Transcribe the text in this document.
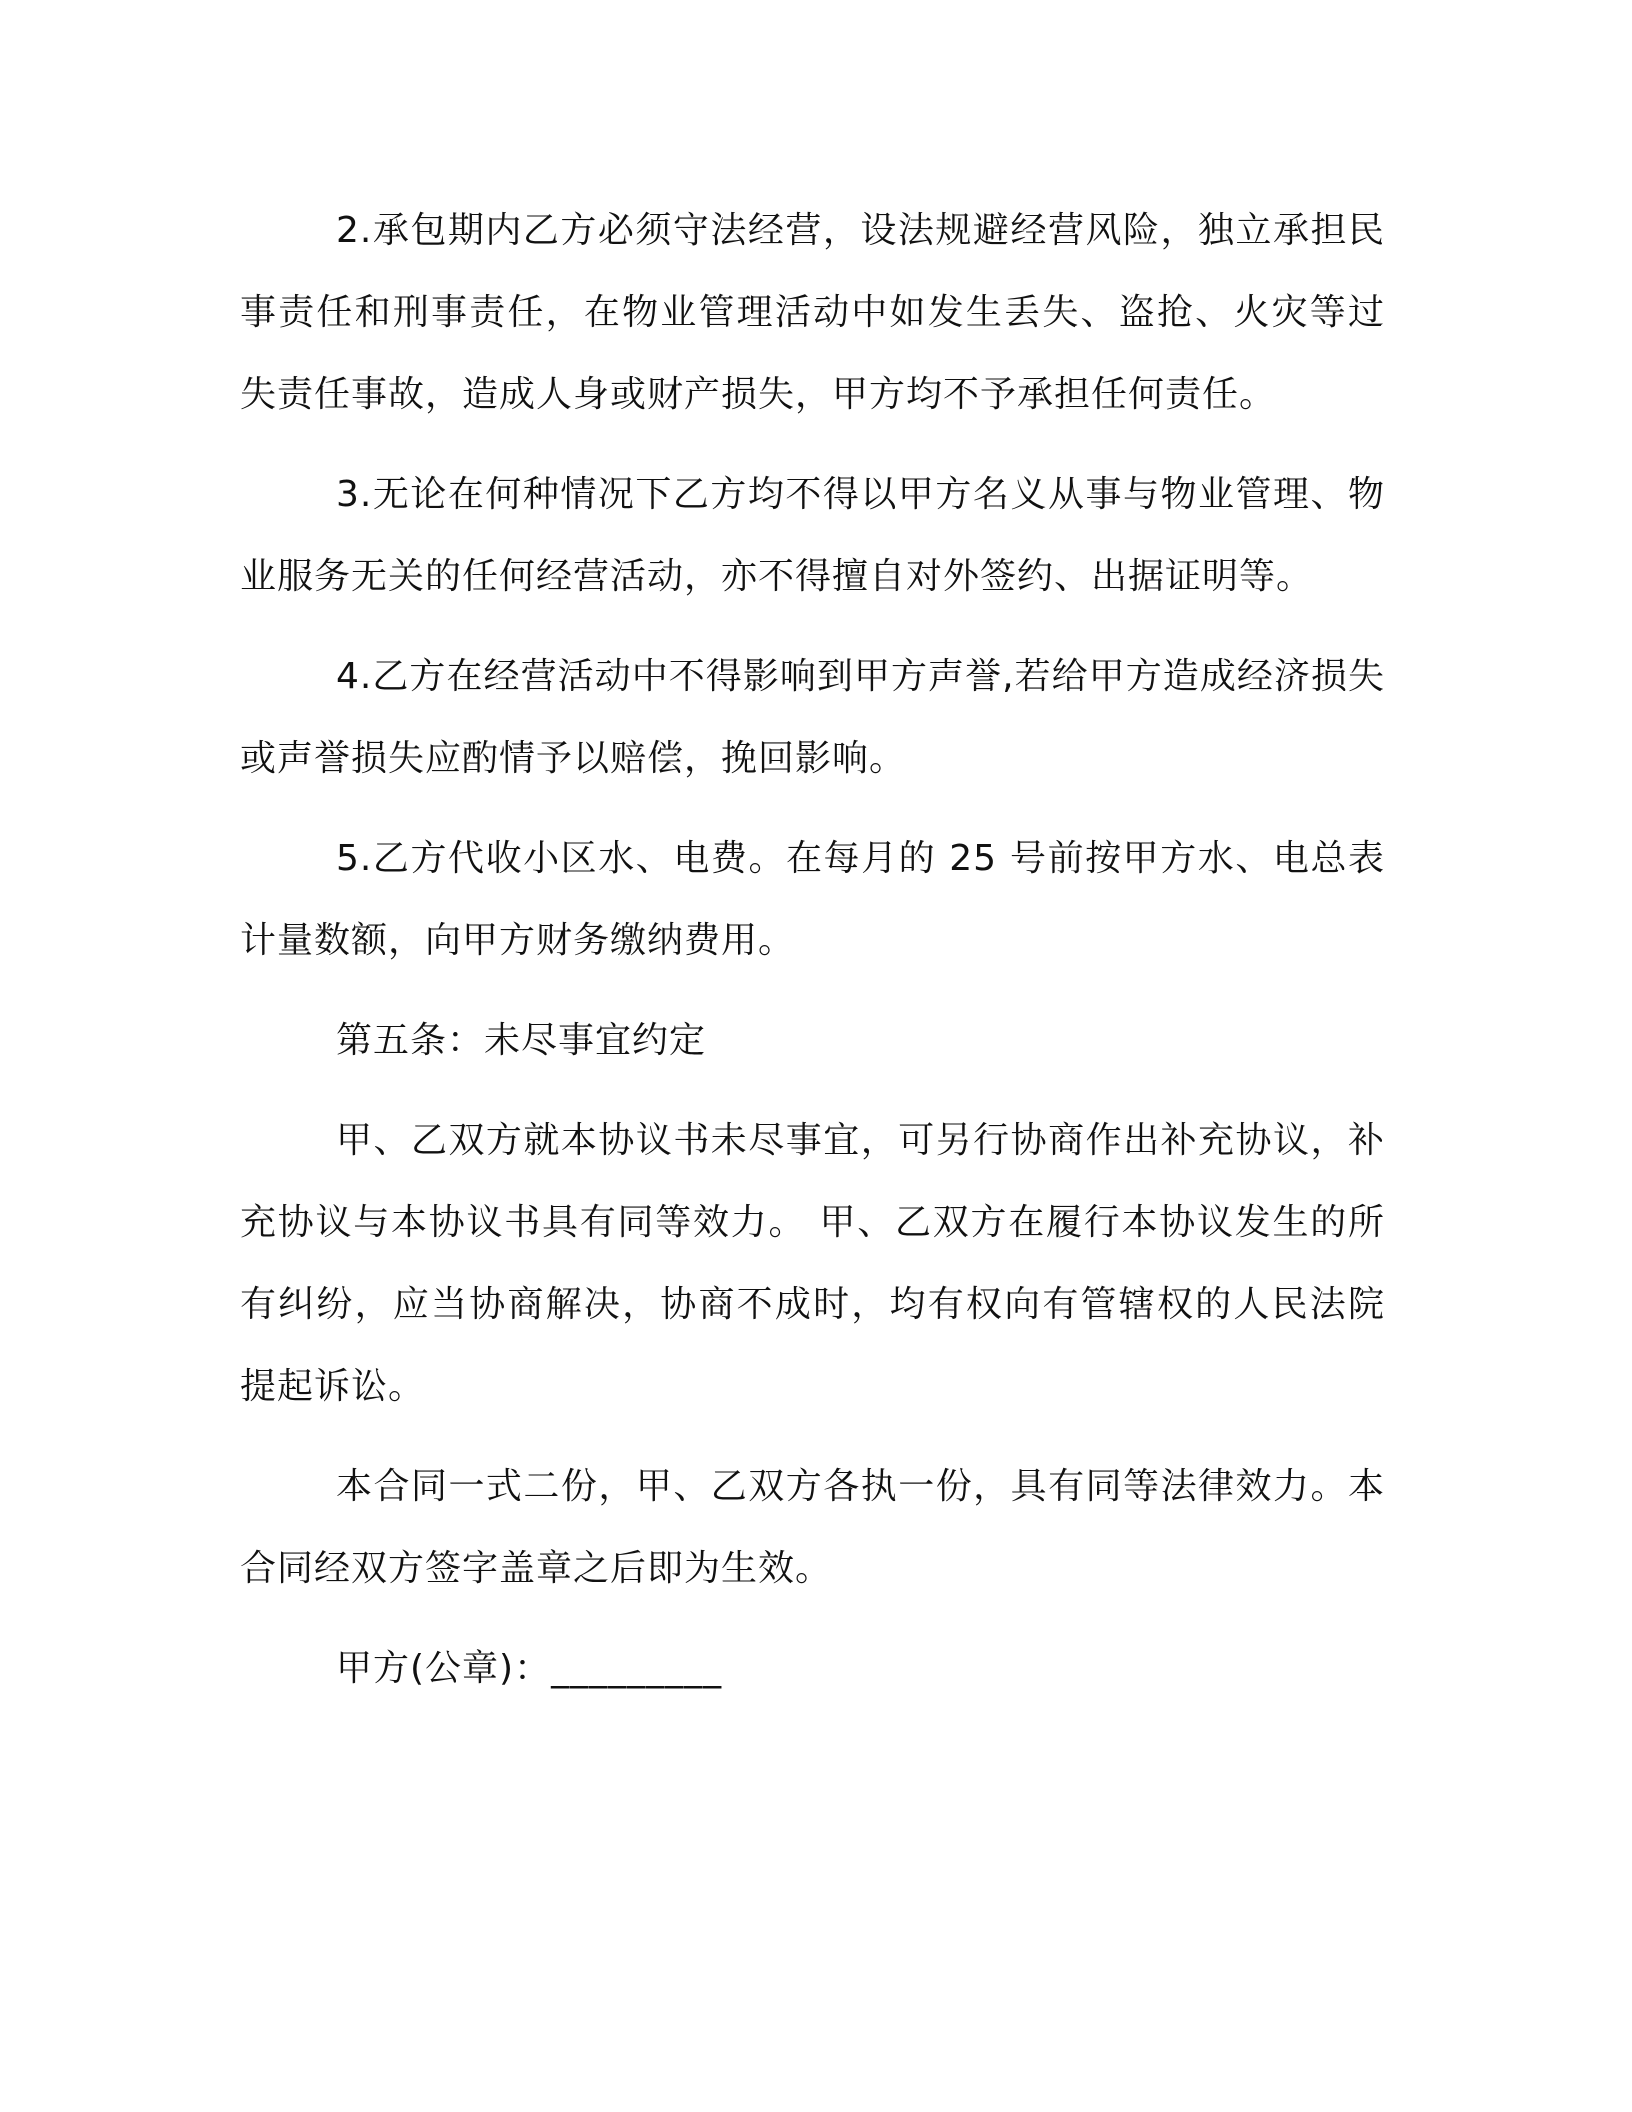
2.承包期内乙方必须守法经营，设法规避经营风险，独立承担民事责任和刑事责任，在物业管理活动中如发生丢失、盗抢、火灾等过失责任事故，造成人身或财产损失，甲方均不予承担任何责任。

3.无论在何种情况下乙方均不得以甲方名义从事与物业管理、物业服务无关的任何经营活动，亦不得擅自对外签约、出据证明等。

4.乙方在经营活动中不得影响到甲方声誉,若给甲方造成经济损失或声誉损失应酌情予以赔偿，挽回影响。

5.乙方代收小区水、电费。在每月的 25 号前按甲方水、电总表计量数额，向甲方财务缴纳费用。

第五条：未尽事宜约定

甲、乙双方就本协议书未尽事宜，可另行协商作出补充协议，补充协议与本协议书具有同等效力。 甲、乙双方在履行本协议发生的所有纠纷，应当协商解决，协商不成时，均有权向有管辖权的人民法院提起诉讼。

本合同一式二份，甲、乙双方各执一份，具有同等法律效力。本合同经双方签字盖章之后即为生效。

甲方(公章)：_________
